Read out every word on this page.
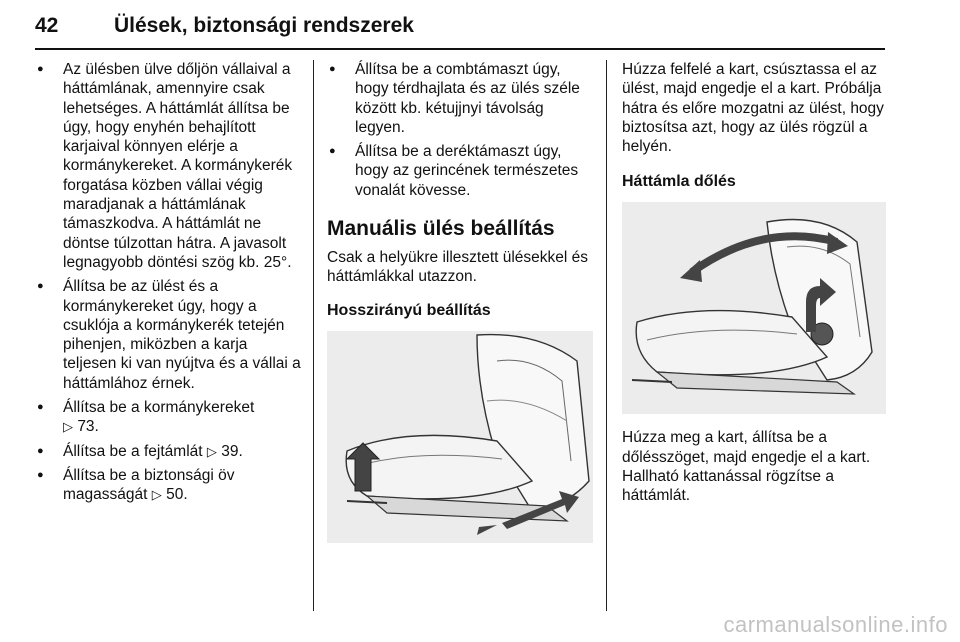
42	Ülések, biztonsági rendszerek
● Az ülésben ülve dőljön vállaival a háttámlának, amennyire csak lehetséges. A háttámlát állítsa be úgy, hogy enyhén behajlított karjaival könnyen elérje a kormánykereket. A kormánykerék forgatása közben vállai végig maradjanak a háttámlának támaszkodva. A háttámlát ne döntse túlzottan hátra. A javasolt legnagyobb döntési szög kb. 25°.
● Állítsa be az ülést és a kormánykereket úgy, hogy a csuklója a kormánykerék tetején pihenjen, miközben a karja teljesen ki van nyújtva és a vállai a háttámlához érnek.
● Állítsa be a kormánykereket
▷ 73.
● Állítsa be a fejtámlát ▷ 39.
● Állítsa be a biztonsági öv magasságát ▷ 50.
● Állítsa be a combtámaszt úgy, hogy térdhajlata és az ülés széle között kb. kétujjnyi távolság legyen.
● Állítsa be a deréktámaszt úgy, hogy az gerincének természetes vonalát kövesse.
Manuális ülés beállítás

Csak a helyükre illesztett ülésekkel és háttámlákkal utazzon.

Hosszirányú beállítás

Húzza felfelé a kart, csúsztassa el az ülést, majd engedje el a kart. Próbálja hátra és előre mozgatni az ülést, hogy biztosítsa azt, hogy az ülés rögzül a helyén.

Háttámla dőlés

Húzza meg a kart, állítsa be a dőlésszöget, majd engedje el a kart. Hallható kattanással rögzítse a háttámlát.

carmanualsonline.info
